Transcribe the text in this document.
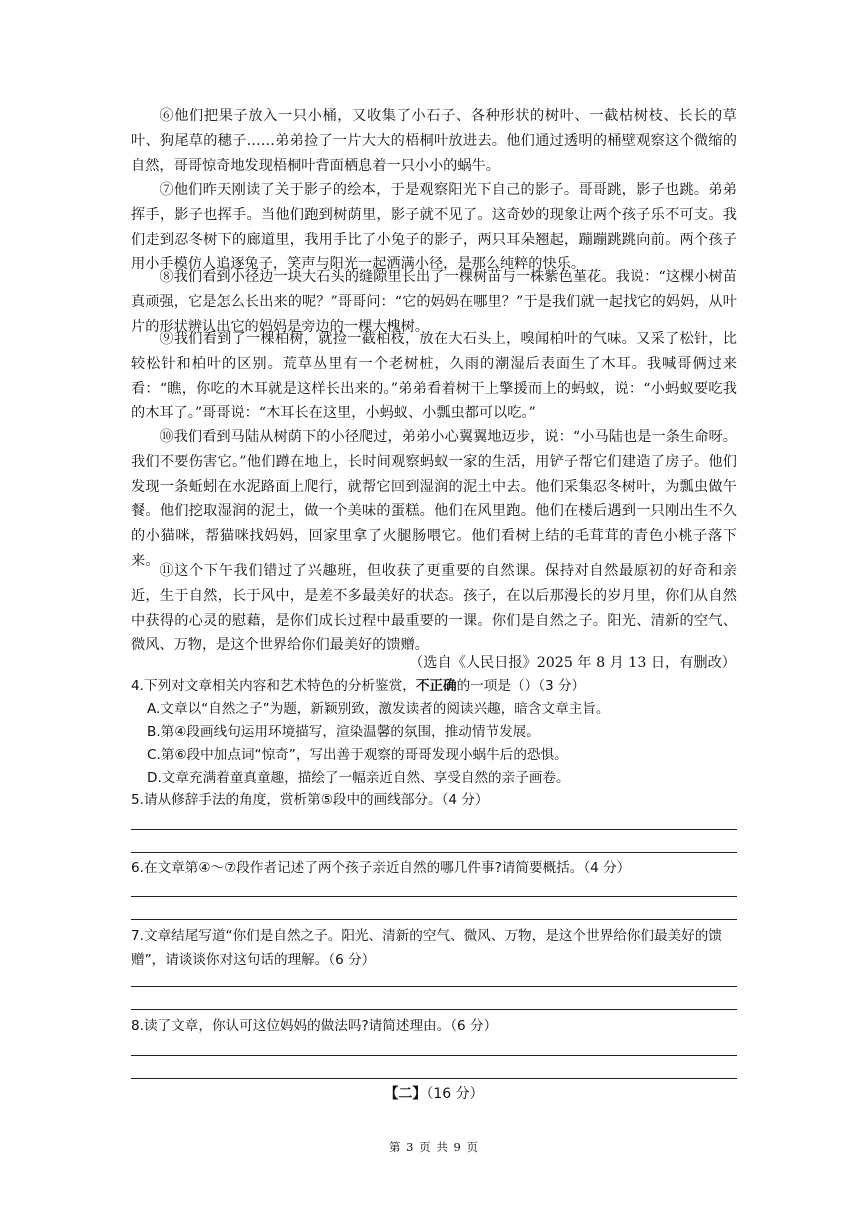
⑥他们把果子放入一只小桶，又收集了小石子、各种形状的树叶、一截枯树枝、长长的草叶、狗尾草的穗子……弟弟捡了一片大大的梧桐叶放进去。他们通过透明的桶壁观察这个微缩的自然，哥哥惊奇地发现梧桐叶背面栖息着一只小小的蜗牛。

⑦他们昨天刚读了关于影子的绘本，于是观察阳光下自己的影子。哥哥跳，影子也跳。弟弟挥手，影子也挥手。当他们跑到树荫里，影子就不见了。这奇妙的现象让两个孩子乐不可支。我们走到忍冬树下的廊道里，我用手比了小兔子的影子，两只耳朵翘起，蹦蹦跳跳向前。两个孩子用小手模仿人追逐兔子，笑声与阳光一起洒满小径，是那么纯粹的快乐。

⑧我们看到小径边一块大石头的缝隙里长出了一棵树苗与一株紫色堇花。我说：“这棵小树苗真顽强，它是怎么长出来的呢？”哥哥问：“它的妈妈在哪里？”于是我们就一起找它的妈妈，从叶片的形状辨认出它的妈妈是旁边的一棵大槐树。

⑨我们看到了一棵柏树，就捡一截柏枝，放在大石头上，嗅闻柏叶的气味。又采了松针，比较松针和柏叶的区别。荒草丛里有一个老树桩，久雨的潮湿后表面生了木耳。我喊哥俩过来看：“瞧，你吃的木耳就是这样长出来的。”弟弟看着树干上擎援而上的蚂蚁，说：“小蚂蚁要吃我的木耳了。”哥哥说：“木耳长在这里，小蚂蚁、小瓢虫都可以吃。”

⑩我们看到马陆从树荫下的小径爬过，弟弟小心翼翼地迈步，说：“小马陆也是一条生命呀。我们不要伤害它。”他们蹲在地上，长时间观察蚂蚁一家的生活，用铲子帮它们建造了房子。他们发现一条蚯蚓在水泥路面上爬行，就帮它回到湿润的泥土中去。他们采集忍冬树叶，为瓢虫做午餐。他们挖取湿润的泥土，做一个美味的蛋糕。他们在风里跑。他们在楼后遇到一只刚出生不久的小猫咪，帮猫咪找妈妈，回家里拿了火腿肠喂它。他们看树上结的毛茸茸的青色小桃子落下来。

⑪这个下午我们错过了兴趣班，但收获了更重要的自然课。保持对自然最原初的好奇和亲近，生于自然，长于风中，是差不多最美好的状态。孩子，在以后那漫长的岁月里，你们从自然中获得的心灵的慰藉，是你们成长过程中最重要的一课。你们是自然之子。阳光、清新的空气、微风、万物，是这个世界给你们最美好的馈赠。

（选自《人民日报》2025 年 8 月 13 日，有删改）

4.下列对文章相关内容和艺术特色的分析鉴赏，不正确的一项是（）（3 分）

A.文章以“自然之子”为题，新颖别致，激发读者的阅读兴趣，暗含文章主旨。

B.第④段画线句运用环境描写，渲染温馨的氛围，推动情节发展。

C.第⑥段中加点词“惊奇”，写出善于观察的哥哥发现小蜗牛后的恐惧。

D.文章充满着童真童趣，描绘了一幅亲近自然、享受自然的亲子画卷。

5.请从修辞手法的角度，赏析第⑤段中的画线部分。（4 分）

6.在文章第④～⑦段作者记述了两个孩子亲近自然的哪几件事?请简要概括。（4 分）

7.文章结尾写道“你们是自然之子。阳光、清新的空气、微风、万物，是这个世界给你们最美好的馈赠”，请谈谈你对这句话的理解。（6 分）

8.读了文章，你认可这位妈妈的做法吗?请简述理由。（6 分）

【二】（16 分）
第 3 页 共 9 页
